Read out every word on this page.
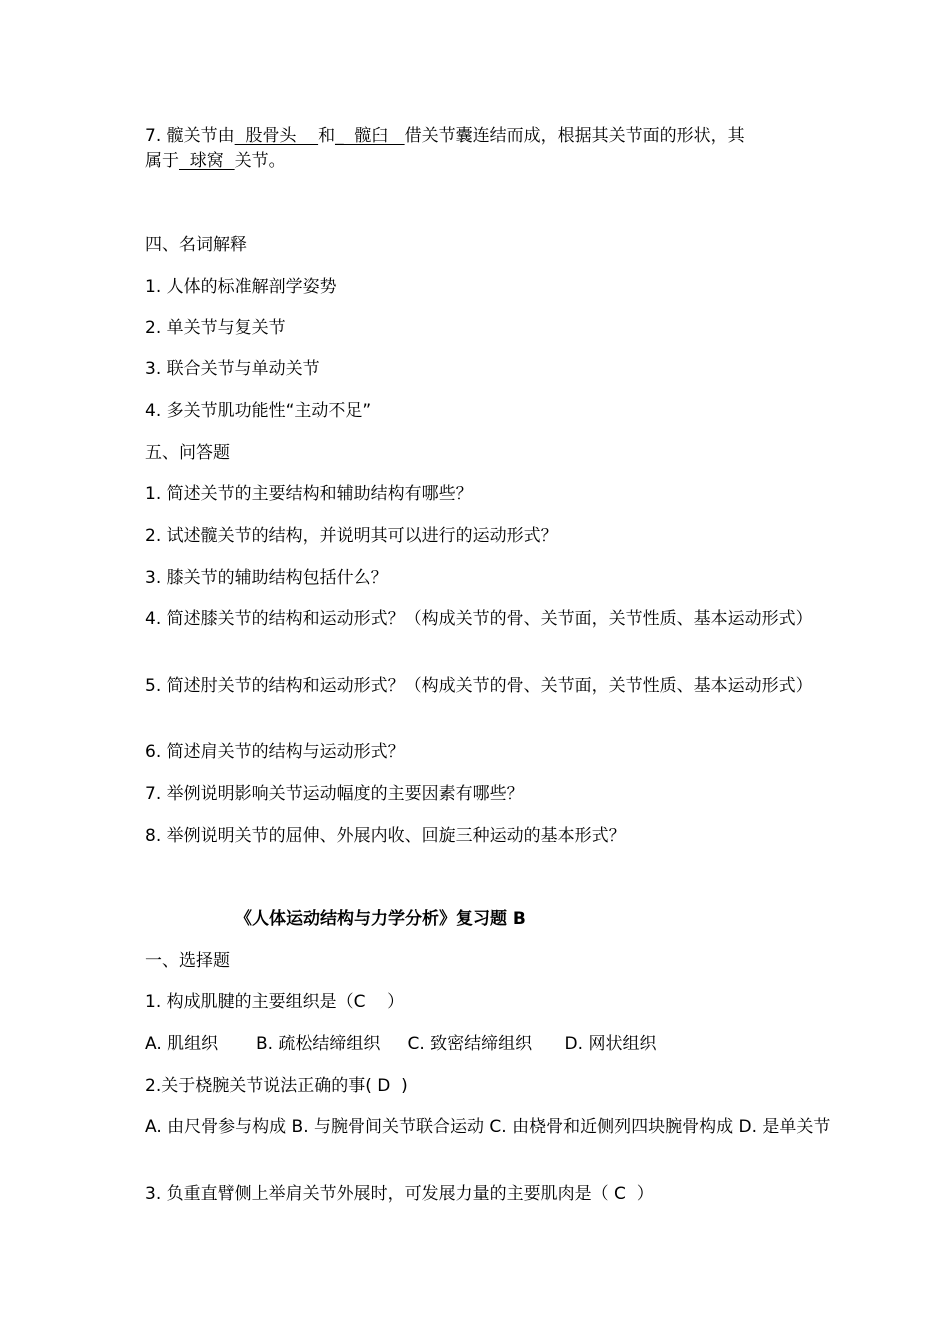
7. 髋关节由  股骨头    和_  髋臼   借关节囊连结而成，根据其关节面的形状，其

属于  球窝  关节。

四、名词解释

1. 人体的标准解剖学姿势

2. 单关节与复关节

3. 联合关节与单动关节

4. 多关节肌功能性“主动不足”

五、问答题

1. 简述关节的主要结构和辅助结构有哪些？

2. 试述髋关节的结构，并说明其可以进行的运动形式？

3. 膝关节的辅助结构包括什么？

4. 简述膝关节的结构和运动形式？（构成关节的骨、关节面，关节性质、基本运动形式）

5. 简述肘关节的结构和运动形式？（构成关节的骨、关节面，关节性质、基本运动形式）

6. 简述肩关节的结构与运动形式？

7. 举例说明影响关节运动幅度的主要因素有哪些？

8. 举例说明关节的屈伸、外展内收、回旋三种运动的基本形式？

《人体运动结构与力学分析》复习题 B

一、选择题

1. 构成肌腱的主要组织是（C    ）

A. 肌组织       B. 疏松结缔组织     C. 致密结缔组织      D. 网状组织

2.关于桡腕关节说法正确的事( D  )

A. 由尺骨参与构成 B. 与腕骨间关节联合运动 C. 由桡骨和近侧列四块腕骨构成 D. 是单关节

3. 负重直臂侧上举肩关节外展时，可发展力量的主要肌肉是（ C  ）
